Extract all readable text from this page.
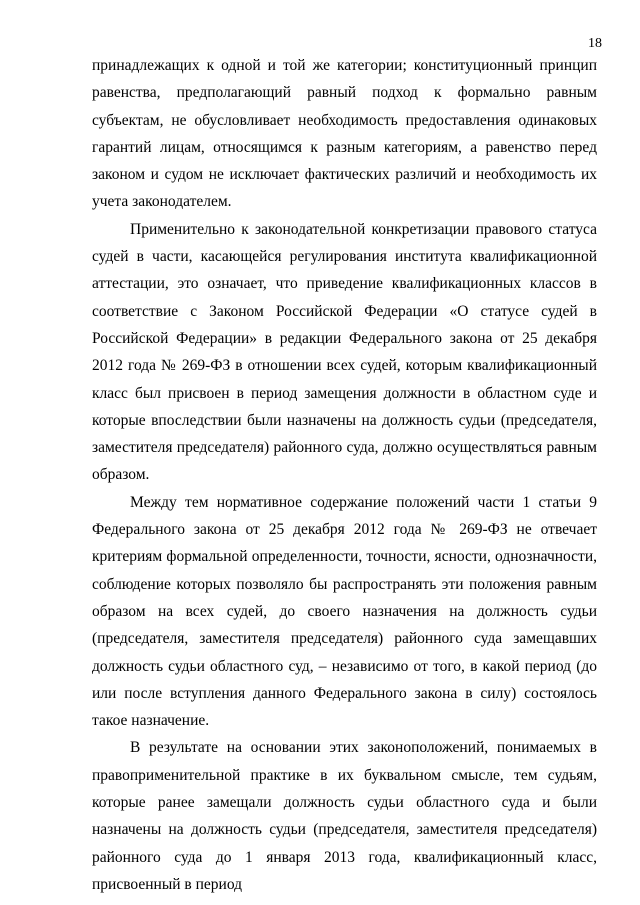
18

принадлежащих к одной и той же категории; конституционный принцип равенства, предполагающий равный подход к формально равным субъектам, не обусловливает необходимость предоставления одинаковых гарантий лицам, относящимся к разным категориям, а равенство перед законом и судом не исключает фактических различий и необходимость их учета законодателем.

Применительно к законодательной конкретизации правового статуса судей в части, касающейся регулирования института квалификационной аттестации, это означает, что приведение квалификационных классов в соответствие с Законом Российской Федерации «О статусе судей в Российской Федерации» в редакции Федерального закона от 25 декабря 2012 года № 269-ФЗ в отношении всех судей, которым квалификационный класс был присвоен в период замещения должности в областном суде и которые впоследствии были назначены на должность судьи (председателя, заместителя председателя) районного суда, должно осуществляться равным образом.

Между тем нормативное содержание положений части 1 статьи 9 Федерального закона от 25 декабря 2012 года № 269-ФЗ не отвечает критериям формальной определенности, точности, ясности, однозначности, соблюдение которых позволяло бы распространять эти положения равным образом на всех судей, до своего назначения на должность судьи (председателя, заместителя председателя) районного суда замещавших должность судьи областного суд, – независимо от того, в какой период (до или после вступления данного Федерального закона в силу) состоялось такое назначение.

В результате на основании этих законоположений, понимаемых в правоприменительной практике в их буквальном смысле, тем судьям, которые ранее замещали должность судьи областного суда и были назначены на должность судьи (председателя, заместителя председателя) районного суда до 1 января 2013 года, квалификационный класс, присвоенный в период
